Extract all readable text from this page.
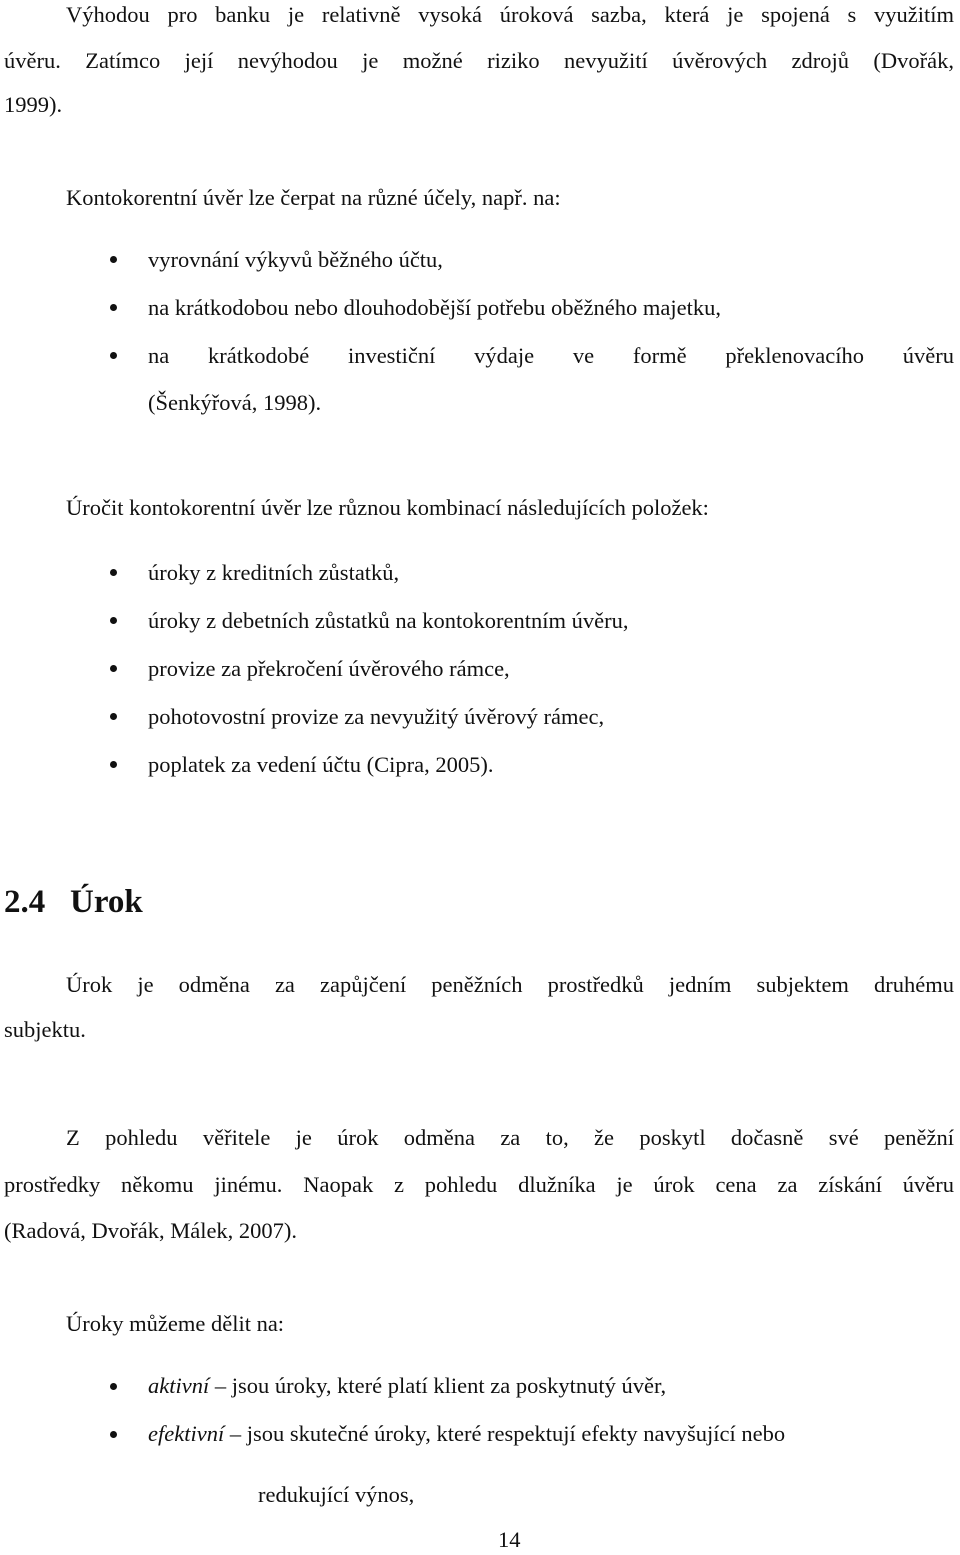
Výhodou pro banku je relativně vysoká úroková sazba, která je spojená s využitím
úvěru. Zatímco její nevýhodou je možné riziko nevyužití úvěrových zdrojů (Dvořák,
1999).
Kontokorentní úvěr lze čerpat na různé účely, např. na:
vyrovnání výkyvů běžného účtu,
na krátkodobou nebo dlouhodobější potřebu oběžného majetku,
na krátkodobé investiční výdaje ve formě překlenovacího úvěru
(Šenkýřová, 1998).
Úročit kontokorentní úvěr lze různou kombinací následujících položek:
úroky z kreditních zůstatků,
úroky z debetních zůstatků na kontokorentním úvěru,
provize za překročení úvěrového rámce,
pohotovostní provize za nevyužitý úvěrový rámec,
poplatek za vedení účtu (Cipra, 2005).
2.4 Úrok
Úrok je odměna za zapůjčení peněžních prostředků jedním subjektem druhému
subjektu.
Z pohledu věřitele je úrok odměna za to, že poskytl dočasně své peněžní
prostředky někomu jinému. Naopak z pohledu dlužníka je úrok cena za získání úvěru
(Radová, Dvořák, Málek, 2007).
Úroky můžeme dělit na:
aktivní – jsou úroky, které platí klient za poskytnutý úvěr,
efektivní – jsou skutečné úroky, které respektují efekty navyšující nebo
redukující výnos,
14
